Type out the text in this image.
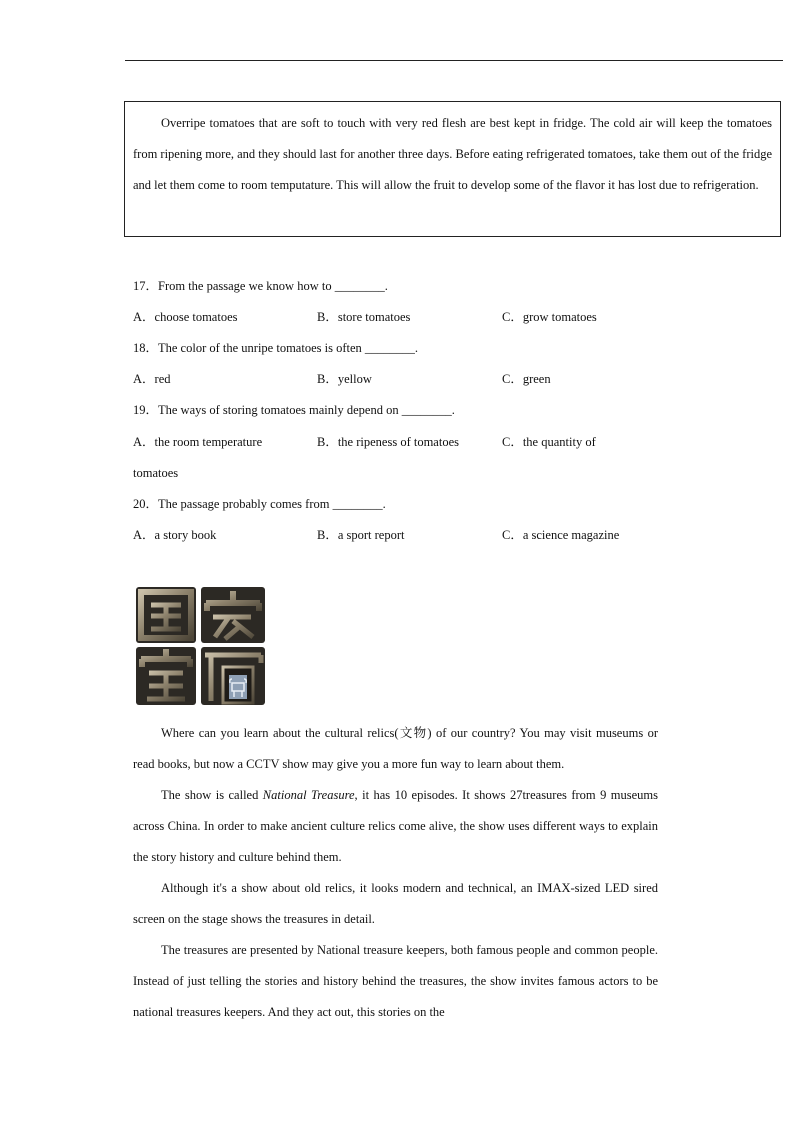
Overripe tomatoes that are soft to touch with very red flesh are best kept in fridge. The cold air will keep the tomatoes from ripening more, and they should last for another three days. Before eating refrigerated tomatoes, take them out of the fridge and let them come to room temputature. This will allow the fruit to develop some of the flavor it has lost due to refrigeration.

17．From the passage we know how to ________.
A．choose tomatoes	B．store tomatoes	C．grow tomatoes
18．The color of the unripe tomatoes is often ________.
A．red	B．yellow	C．green
19．The ways of storing tomatoes mainly depend on ________.
A．the room temperature	B．the ripeness of tomatoes	C．the quantity of
tomatoes
20．The passage probably comes from ________.
A．a story book	B．a sport report	C．a science magazine

Where can you learn about the cultural relics(文物) of our country? You may visit museums or read books, but now a CCTV show may give you a more fun way to learn about them.

The show is called National Treasure, it has 10 episodes. It shows 27treasures from 9 museums across China. In order to make ancient culture relics come alive, the show uses different ways to explain the story history and culture behind them.

Although it's a show about old relics, it looks modern and technical, an IMAX-sized LED sired screen on the stage shows the treasures in detail.

The treasures are presented by National treasure keepers, both famous people and common people. Instead of just telling the stories and history behind the treasures, the show invites famous actors to be national treasures keepers. And they act out, this stories on the
